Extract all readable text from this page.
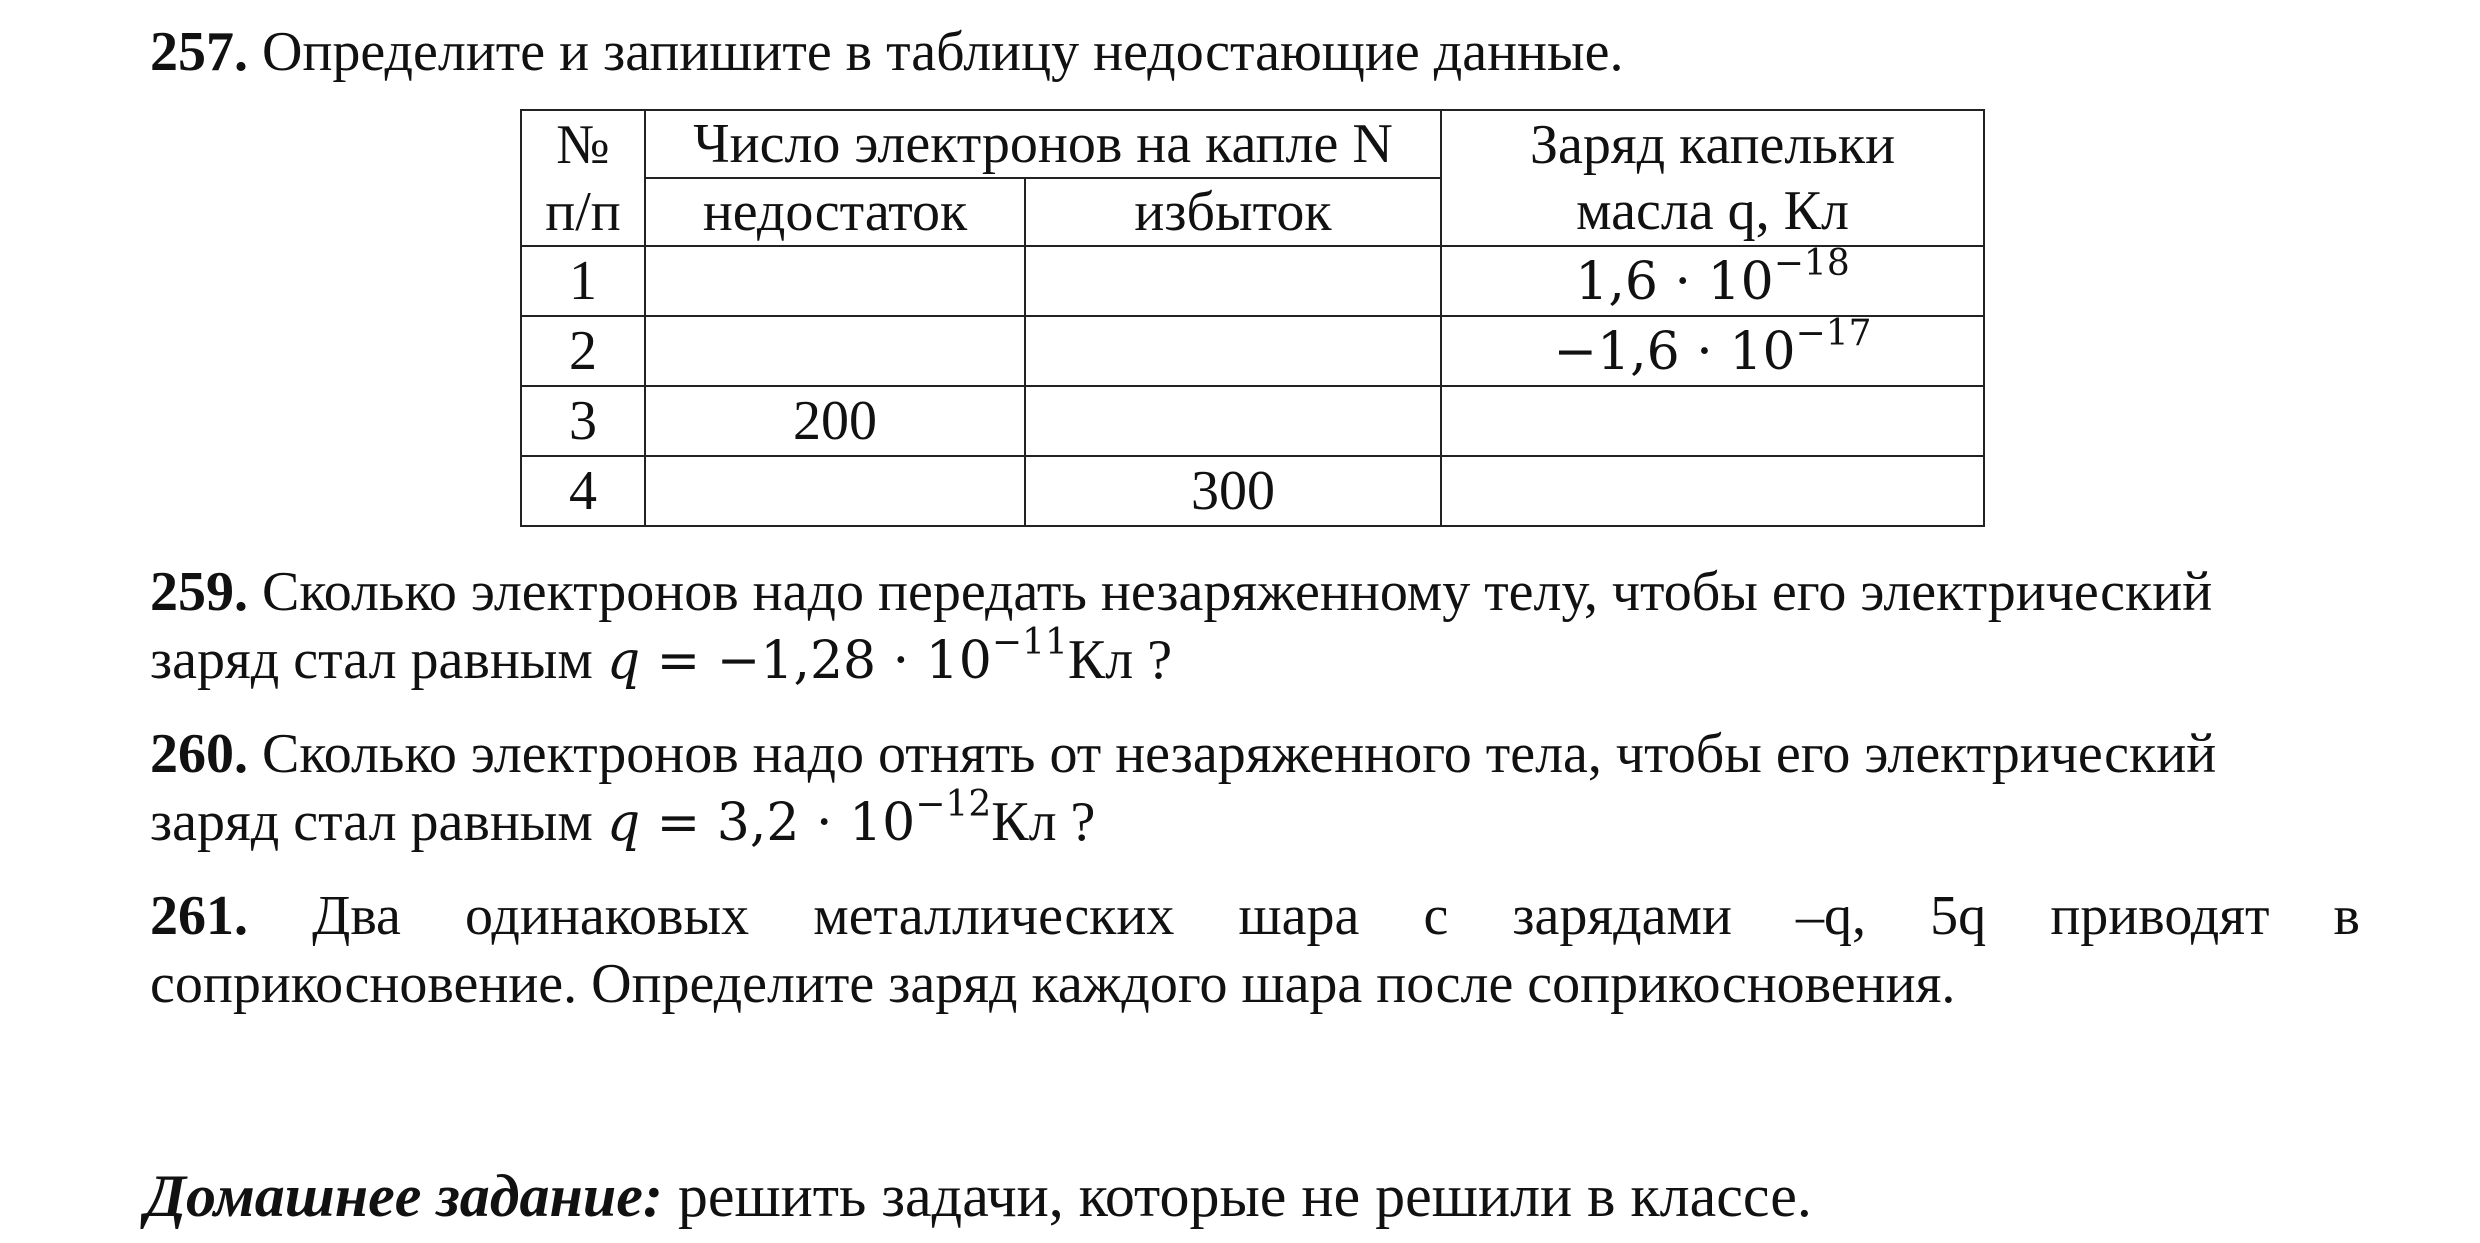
257. Определите и запишите в таблицу недостающие данные.
№	Число электронов на капле N		Заряд капельки масла q, Кл
п/п	недостаток	избыток	
1			$1,6 \cdot 10^{-18}$
2			$-1,6 \cdot 10^{-17}$
3	200		
4		300	
259. Сколько электронов надо передать незаряженному телу, чтобы его электрический
заряд стал равным $q = -1,28 \cdot 10^{-11}Кл$ ?
260. Сколько электронов надо отнять от незаряженного тела, чтобы его электрический
заряд стал равным $q = 3,2 \cdot 10^{-12}Кл$ ?
261. Два одинаковых металлических шара с зарядами –q, 5q приводят в
соприкосновение. Определите заряд каждого шара после соприкосновения.
Домашнее задание: решить задачи, которые не решили в классе.
